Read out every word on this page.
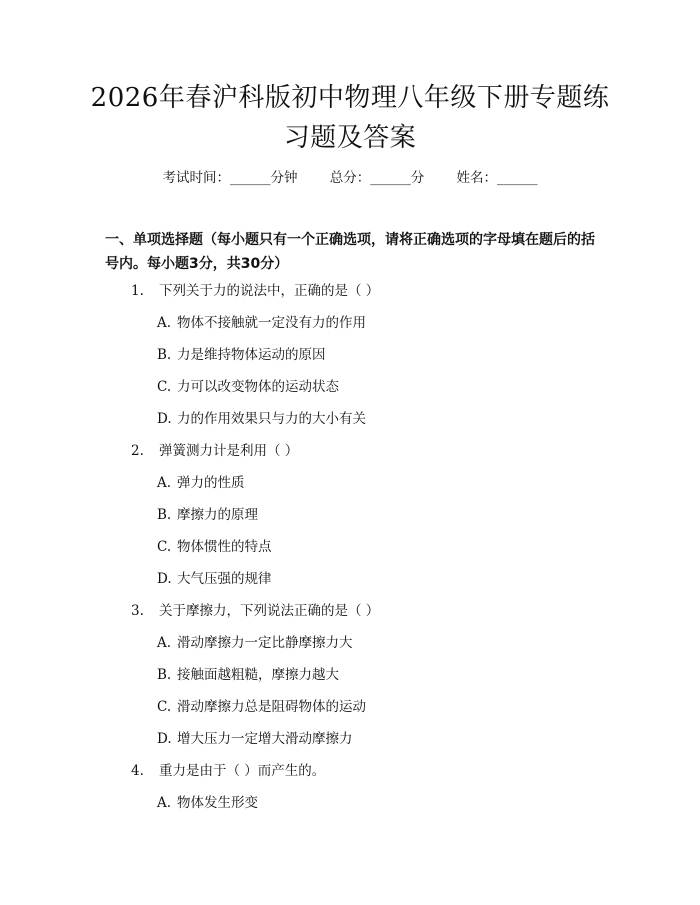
2026年春沪科版初中物理八年级下册专题练
习题及答案
考试时间：______分钟 总分：______分 姓名：______
一、单项选择题（每小题只有一个正确选项，请将正确选项的字母填在题后的括号内。每小题3分，共30分）
1. 下列关于力的说法中，正确的是（ ）
A. 物体不接触就一定没有力的作用
B. 力是维持物体运动的原因
C. 力可以改变物体的运动状态
D. 力的作用效果只与力的大小有关
2. 弹簧测力计是利用（ ）
A. 弹力的性质
B. 摩擦力的原理
C. 物体惯性的特点
D. 大气压强的规律
3. 关于摩擦力，下列说法正确的是（ ）
A. 滑动摩擦力一定比静摩擦力大
B. 接触面越粗糙，摩擦力越大
C. 滑动摩擦力总是阻碍物体的运动
D. 增大压力一定增大滑动摩擦力
4. 重力是由于（ ）而产生的。
A. 物体发生形变
